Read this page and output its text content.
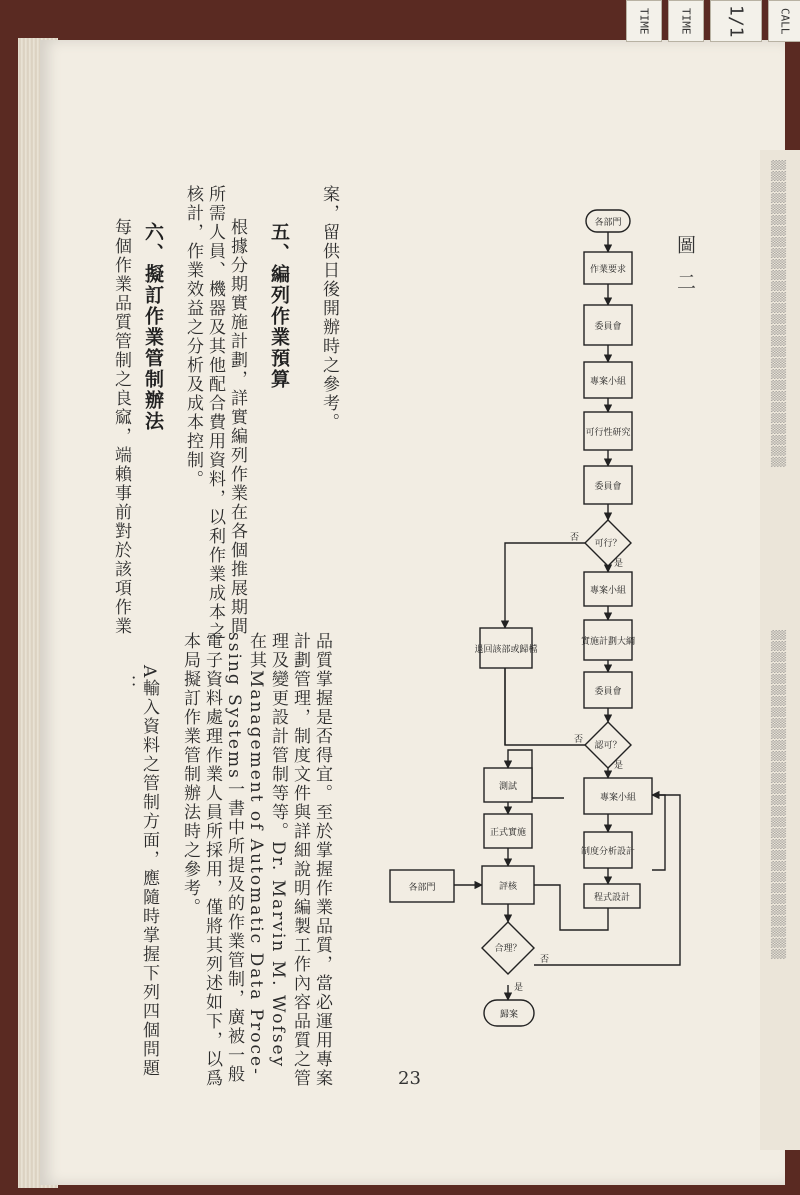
TIME	TIME	1/1	CALL
案，留供日後開辦時之參考。
五、編列作業預算
根據分期實施計劃，詳實編列作業在各個推展期間
所需人員、機器及其他配合費用資料，以利作業成本之
核計，作業效益之分析及成本控制。
六、擬訂作業管制辦法
每個作業品質管制之良窳，端賴事前對於該項作業
品質掌握是否得宜。至於掌握作業品質，當必運用專案
計劃管理，制度文件與詳細說明編製工作內容品質之管
理及變更設計管制等等。Dr. Marvin M. Wofsey
在其Management of Automatic Data Proce-
ssing Systems一書中所提及的作業管制，廣被一般
電子資料處理作業人員所採用，僅將其列述如下，以爲
本局擬訂作業管制辦法時之參考。
A輸入資料之管制方面，應隨時掌握下列四個問題
：
圖二
23
▒▒▒▒▒▒▒▒▒▒▒▒▒▒▒▒▒▒▒▒▒▒▒▒▒▒▒▒
▒▒▒▒▒▒▒▒▒▒▒▒▒▒▒▒▒▒▒▒▒▒▒▒▒▒▒▒▒▒
各部門
作業要求
委員會
專案小組
可行性研究
委員會
可行？
專案小組
實施計劃大綱
委員會
認可？
退回該部或歸檔
專案小組
制度分析設計
程式設計
測試
正式實施
評核
各部門
合理？
歸案
否
是
否
是
否
是
